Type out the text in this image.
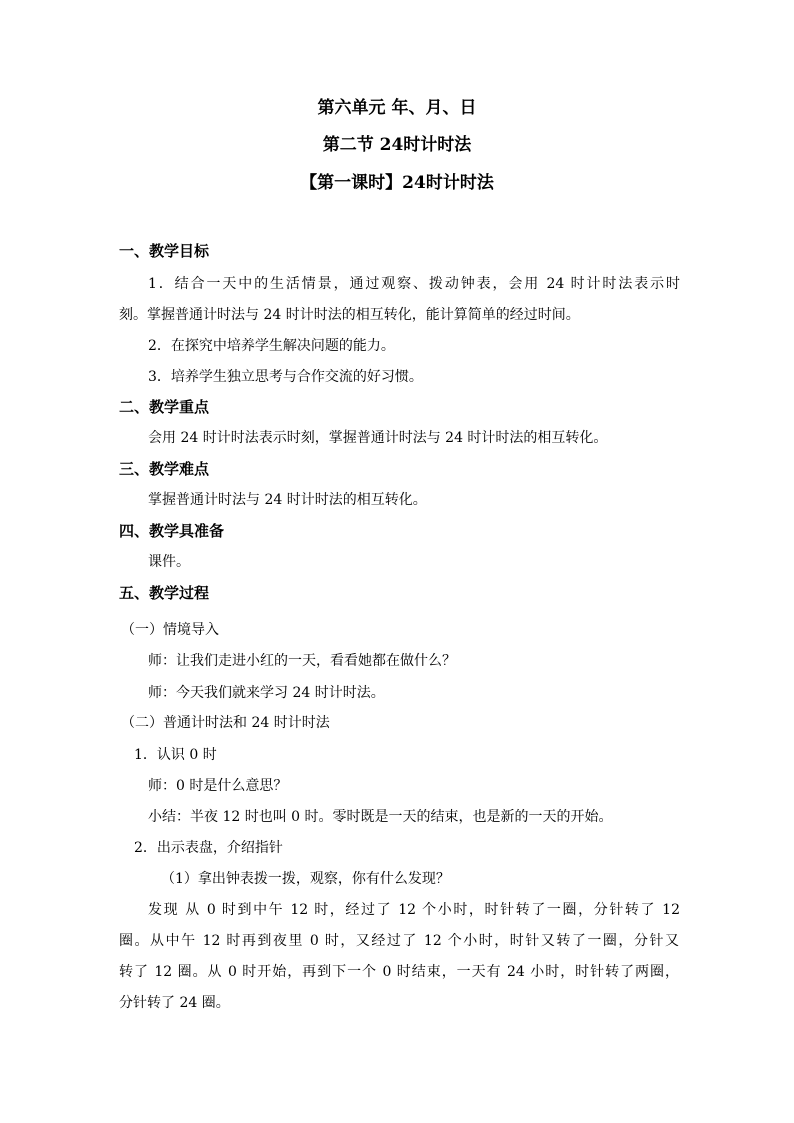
第六单元 年、月、日
第二节 24时计时法
【第一课时】24时计时法
一、教学目标
1．结合一天中的生活情景，通过观察、拨动钟表，会用 24 时计时法表示时
刻。掌握普通计时法与 24 时计时法的相互转化，能计算简单的经过时间。
2．在探究中培养学生解决问题的能力。
3．培养学生独立思考与合作交流的好习惯。
二、教学重点
会用 24 时计时法表示时刻，掌握普通计时法与 24 时计时法的相互转化。
三、教学难点
掌握普通计时法与 24 时计时法的相互转化。
四、教学具准备
课件。
五、教学过程
（一）情境导入
师：让我们走进小红的一天，看看她都在做什么？
师：今天我们就来学习 24 时计时法。
（二）普通计时法和 24 时计时法
1．认识 0 时
师：0 时是什么意思？
小结：半夜 12 时也叫 0 时。零时既是一天的结束，也是新的一天的开始。
2．出示表盘，介绍指针
（1）拿出钟表拨一拨，观察，你有什么发现？
发现 从 0 时到中午 12 时，经过了 12 个小时，时针转了一圈，分针转了 12
圈。从中午 12 时再到夜里 0 时，又经过了 12 个小时，时针又转了一圈，分针又
转了 12 圈。从 0 时开始，再到下一个 0 时结束，一天有 24 小时，时针转了两圈，
分针转了 24 圈。
